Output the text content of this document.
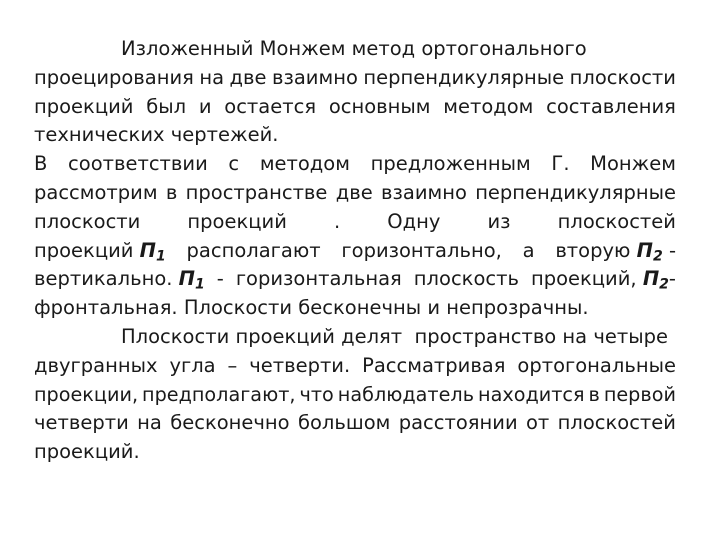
Изложенный Монжем метод ортогонального
проецирования на две взаимно перпендикулярные плоскости
проекций был и остается основным методом составления
технических чертежей.
В соответствии с методом предложенным Г. Монжем
рассмотрим в пространстве две взаимно перпендикулярные
плоскости проекций . Одну из плоскостей
проекций $П_1$ располагают горизонтально, а вторую $П_2$ -
вертикально. $П_1$ - горизонтальная плоскость проекций, $П_2-$
фронтальная. Плоскости бесконечны и непрозрачны.
Плоскости проекций делят  пространство на четыре
двугранных угла – четверти. Рассматривая ортогональные
проекции, предполагают, что наблюдатель находится в первой
четверти на бесконечно большом расстоянии от плоскостей
проекций.
